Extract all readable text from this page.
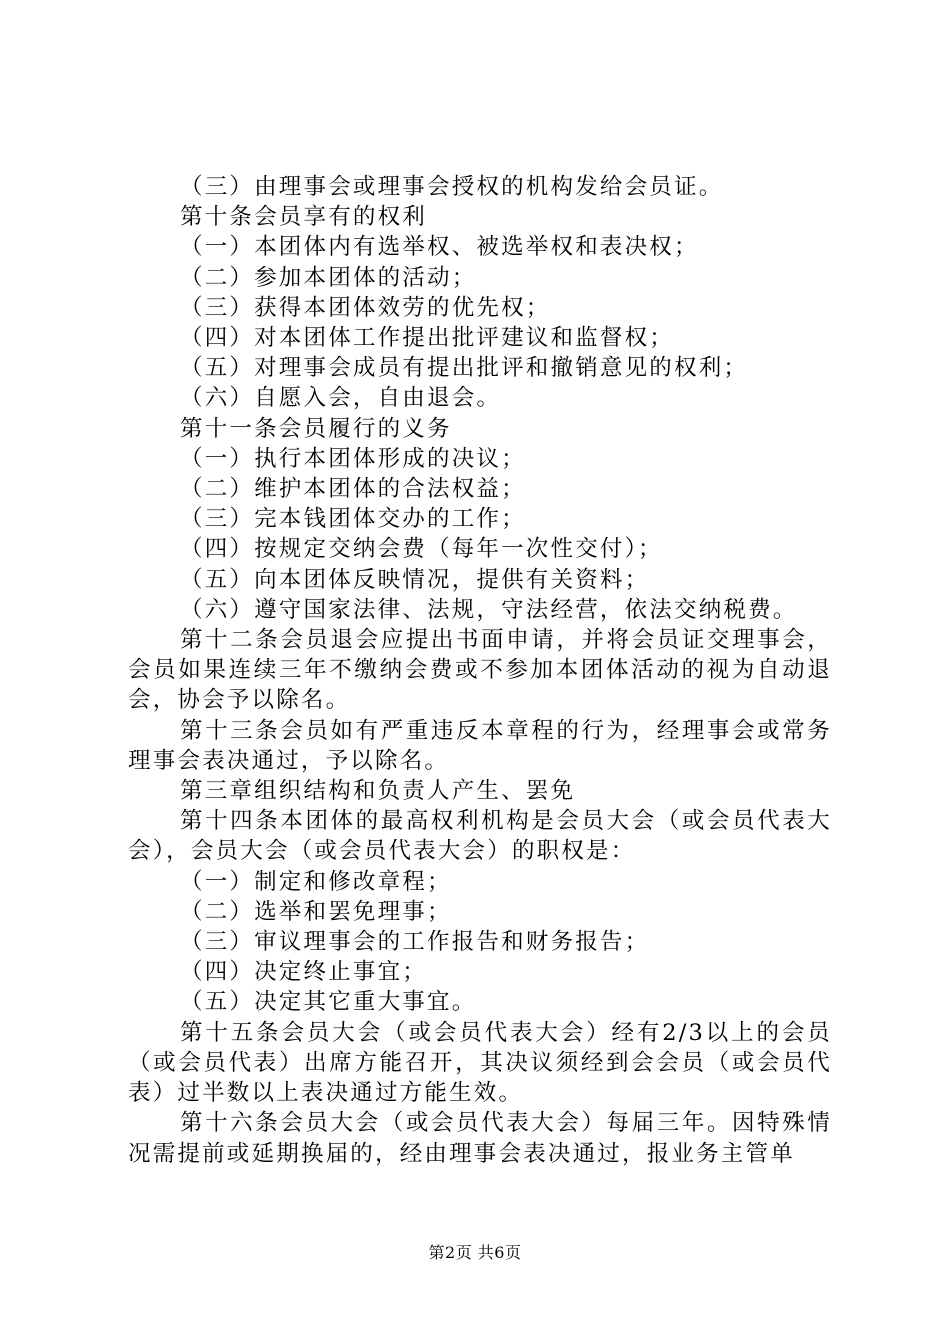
（三）由理事会或理事会授权的机构发给会员证。

第十条会员享有的权利

（一）本团体内有选举权、被选举权和表决权；

（二）参加本团体的活动；

（三）获得本团体效劳的优先权；

（四）对本团体工作提出批评建议和监督权；

（五）对理事会成员有提出批评和撤销意见的权利；

（六）自愿入会，自由退会。

第十一条会员履行的义务

（一）执行本团体形成的决议；

（二）维护本团体的合法权益；

（三）完本钱团体交办的工作；

（四）按规定交纳会费（每年一次性交付）；

（五）向本团体反映情况，提供有关资料；

（六）遵守国家法律、法规，守法经营，依法交纳税费。

第十二条会员退会应提出书面申请，并将会员证交理事会，会员如果连续三年不缴纳会费或不参加本团体活动的视为自动退会，协会予以除名。

第十三条会员如有严重违反本章程的行为，经理事会或常务理事会表决通过，予以除名。

第三章组织结构和负责人产生、罢免

第十四条本团体的最高权利机构是会员大会（或会员代表大会），会员大会（或会员代表大会）的职权是：

（一）制定和修改章程；

（二）选举和罢免理事；

（三）审议理事会的工作报告和财务报告；

（四）决定终止事宜；

（五）决定其它重大事宜。

第十五条会员大会（或会员代表大会）经有2/3以上的会员（或会员代表）出席方能召开，其决议须经到会会员（或会员代表）过半数以上表决通过方能生效。

第十六条会员大会（或会员代表大会）每届三年。因特殊情况需提前或延期换届的，经由理事会表决通过，报业务主管单

第2页 共6页
